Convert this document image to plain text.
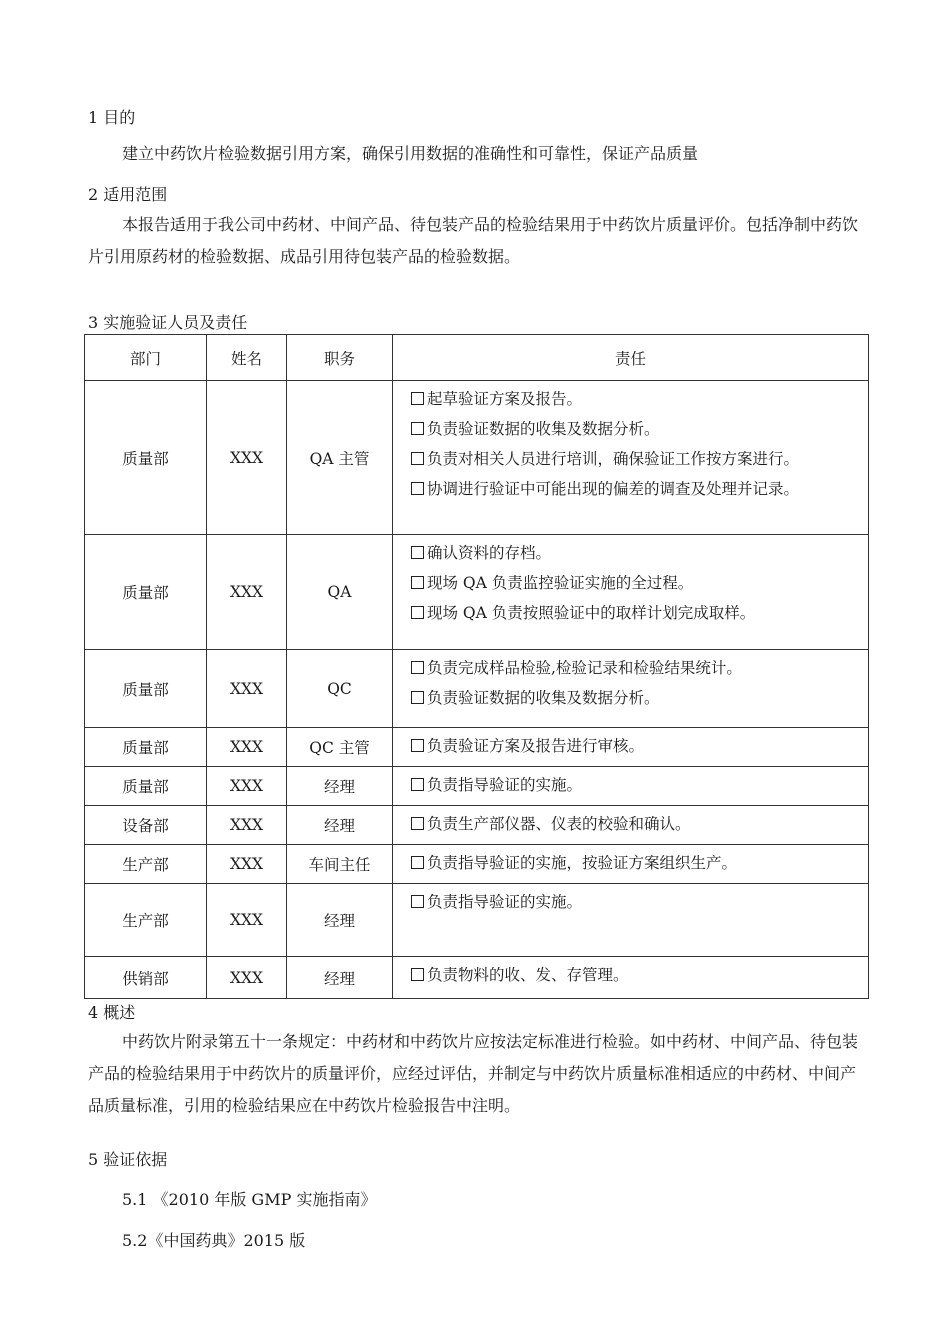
1 目的
建立中药饮片检验数据引用方案，确保引用数据的准确性和可靠性，保证产品质量
2 适用范围
本报告适用于我公司中药材、中间产品、待包装产品的检验结果用于中药饮片质量评价。包括净制中药饮片引用原药材的检验数据、成品引用待包装产品的检验数据。
3 实施验证人员及责任
部门	姓名	职务	责任
质量部	XXX	QA 主管	起草验证方案及报告。
负责验证数据的收集及数据分析。
负责对相关人员进行培训，确保验证工作按方案进行。
协调进行验证中可能出现的偏差的调查及处理并记录。

质量部	XXX	QA	确认资料的存档。
现场 QA 负责监控验证实施的全过程。
现场 QA 负责按照验证中的取样计划完成取样。

质量部	XXX	QC	负责完成样品检验,检验记录和检验结果统计。
负责验证数据的收集及数据分析。

质量部	XXX	QC 主管	负责验证方案及报告进行审核。

质量部	XXX	经理	负责指导验证的实施。

设备部	XXX	经理	负责生产部仪器、仪表的校验和确认。

生产部	XXX	车间主任	负责指导验证的实施，按验证方案组织生产。

生产部	XXX	经理	负责指导验证的实施。

供销部	XXX	经理	负责物料的收、发、存管理。
4 概述
中药饮片附录第五十一条规定：中药材和中药饮片应按法定标准进行检验。如中药材、中间产品、待包装产品的检验结果用于中药饮片的质量评价，应经过评估，并制定与中药饮片质量标准相适应的中药材、中间产品质量标准，引用的检验结果应在中药饮片检验报告中注明。
5 验证依据
5.1 《2010 年版 GMP 实施指南》
5.2《中国药典》2015 版
